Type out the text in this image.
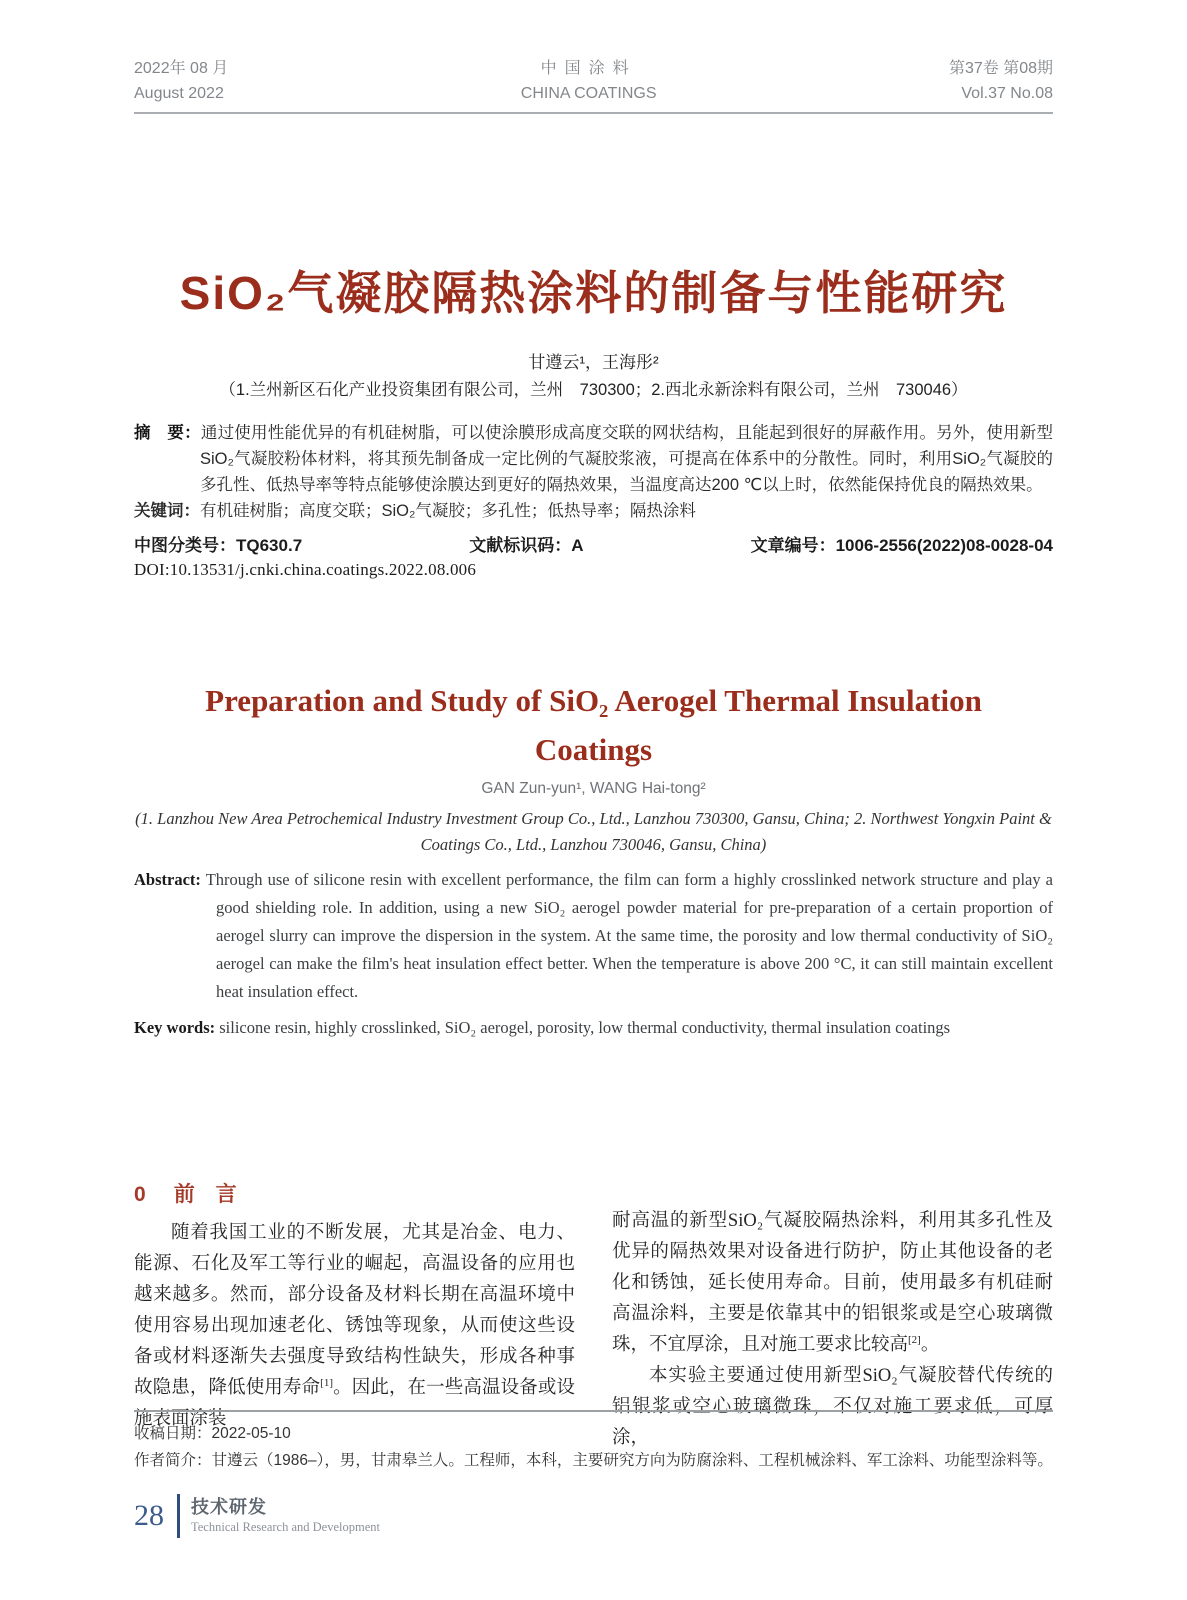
2022年 08 月
August 2022
中国涂料
CHINA COATINGS
第37卷 第08期
Vol.37 No.08
SiO₂气凝胶隔热涂料的制备与性能研究
甘遵云¹，王海彤²
（1.兰州新区石化产业投资集团有限公司，兰州　730300；2.西北永新涂料有限公司，兰州　730046）

摘　要：通过使用性能优异的有机硅树脂，可以使涂膜形成高度交联的网状结构，且能起到很好的屏蔽作用。另外，使用新型SiO₂气凝胶粉体材料，将其预先制备成一定比例的气凝胶浆液，可提高在体系中的分散性。同时，利用SiO₂气凝胶的多孔性、低热导率等特点能够使涂膜达到更好的隔热效果，当温度高达200 ℃以上时，依然能保持优良的隔热效果。

关键词：有机硅树脂；高度交联；SiO₂气凝胶；多孔性；低热导率；隔热涂料

中图分类号：TQ630.7	文献标识码：A	文章编号：1006-2556(2022)08-0028-04
DOI:10.13531/j.cnki.china.coatings.2022.08.006
Preparation and Study of SiO₂ Aerogel Thermal Insulation Coatings
GAN Zun-yun¹, WANG Hai-tong²
(1. Lanzhou New Area Petrochemical Industry Investment Group Co., Ltd., Lanzhou 730300, Gansu, China; 2. Northwest Yongxin Paint & Coatings Co., Ltd., Lanzhou 730046, Gansu, China)

Abstract: Through use of silicone resin with excellent performance, the film can form a highly crosslinked network structure and play a good shielding role. In addition, using a new SiO₂ aerogel powder material for pre-preparation of a certain proportion of aerogel slurry can improve the dispersion in the system. At the same time, the porosity and low thermal conductivity of SiO₂ aerogel can make the film's heat insulation effect better. When the temperature is above 200 °C, it can still maintain excellent heat insulation effect.

Key words: silicone resin, highly crosslinked, SiO₂ aerogel, porosity, low thermal conductivity, thermal insulation coatings

0 前　言

随着我国工业的不断发展，尤其是冶金、电力、能源、石化及军工等行业的崛起，高温设备的应用也越来越多。然而，部分设备及材料长期在高温环境中使用容易出现加速老化、锈蚀等现象，从而使这些设备或材料逐渐失去强度导致结构性缺失，形成各种事故隐患，降低使用寿命[1]。因此，在一些高温设备或设施表面涂装

耐高温的新型SiO₂气凝胶隔热涂料，利用其多孔性及优异的隔热效果对设备进行防护，防止其他设备的老化和锈蚀，延长使用寿命。目前，使用最多有机硅耐高温涂料，主要是依靠其中的铝银浆或是空心玻璃微珠，不宜厚涂，且对施工要求比较高[2]。

本实验主要通过使用新型SiO₂气凝胶替代传统的铝银浆或空心玻璃微珠，不仅对施工要求低，可厚涂，

收稿日期：2022-05-10
作者简介：甘遵云（1986–），男，甘肃皋兰人。工程师，本科，主要研究方向为防腐涂料、工程机械涂料、军工涂料、功能型涂料等。
28 技术研发
Technical Research and Development
